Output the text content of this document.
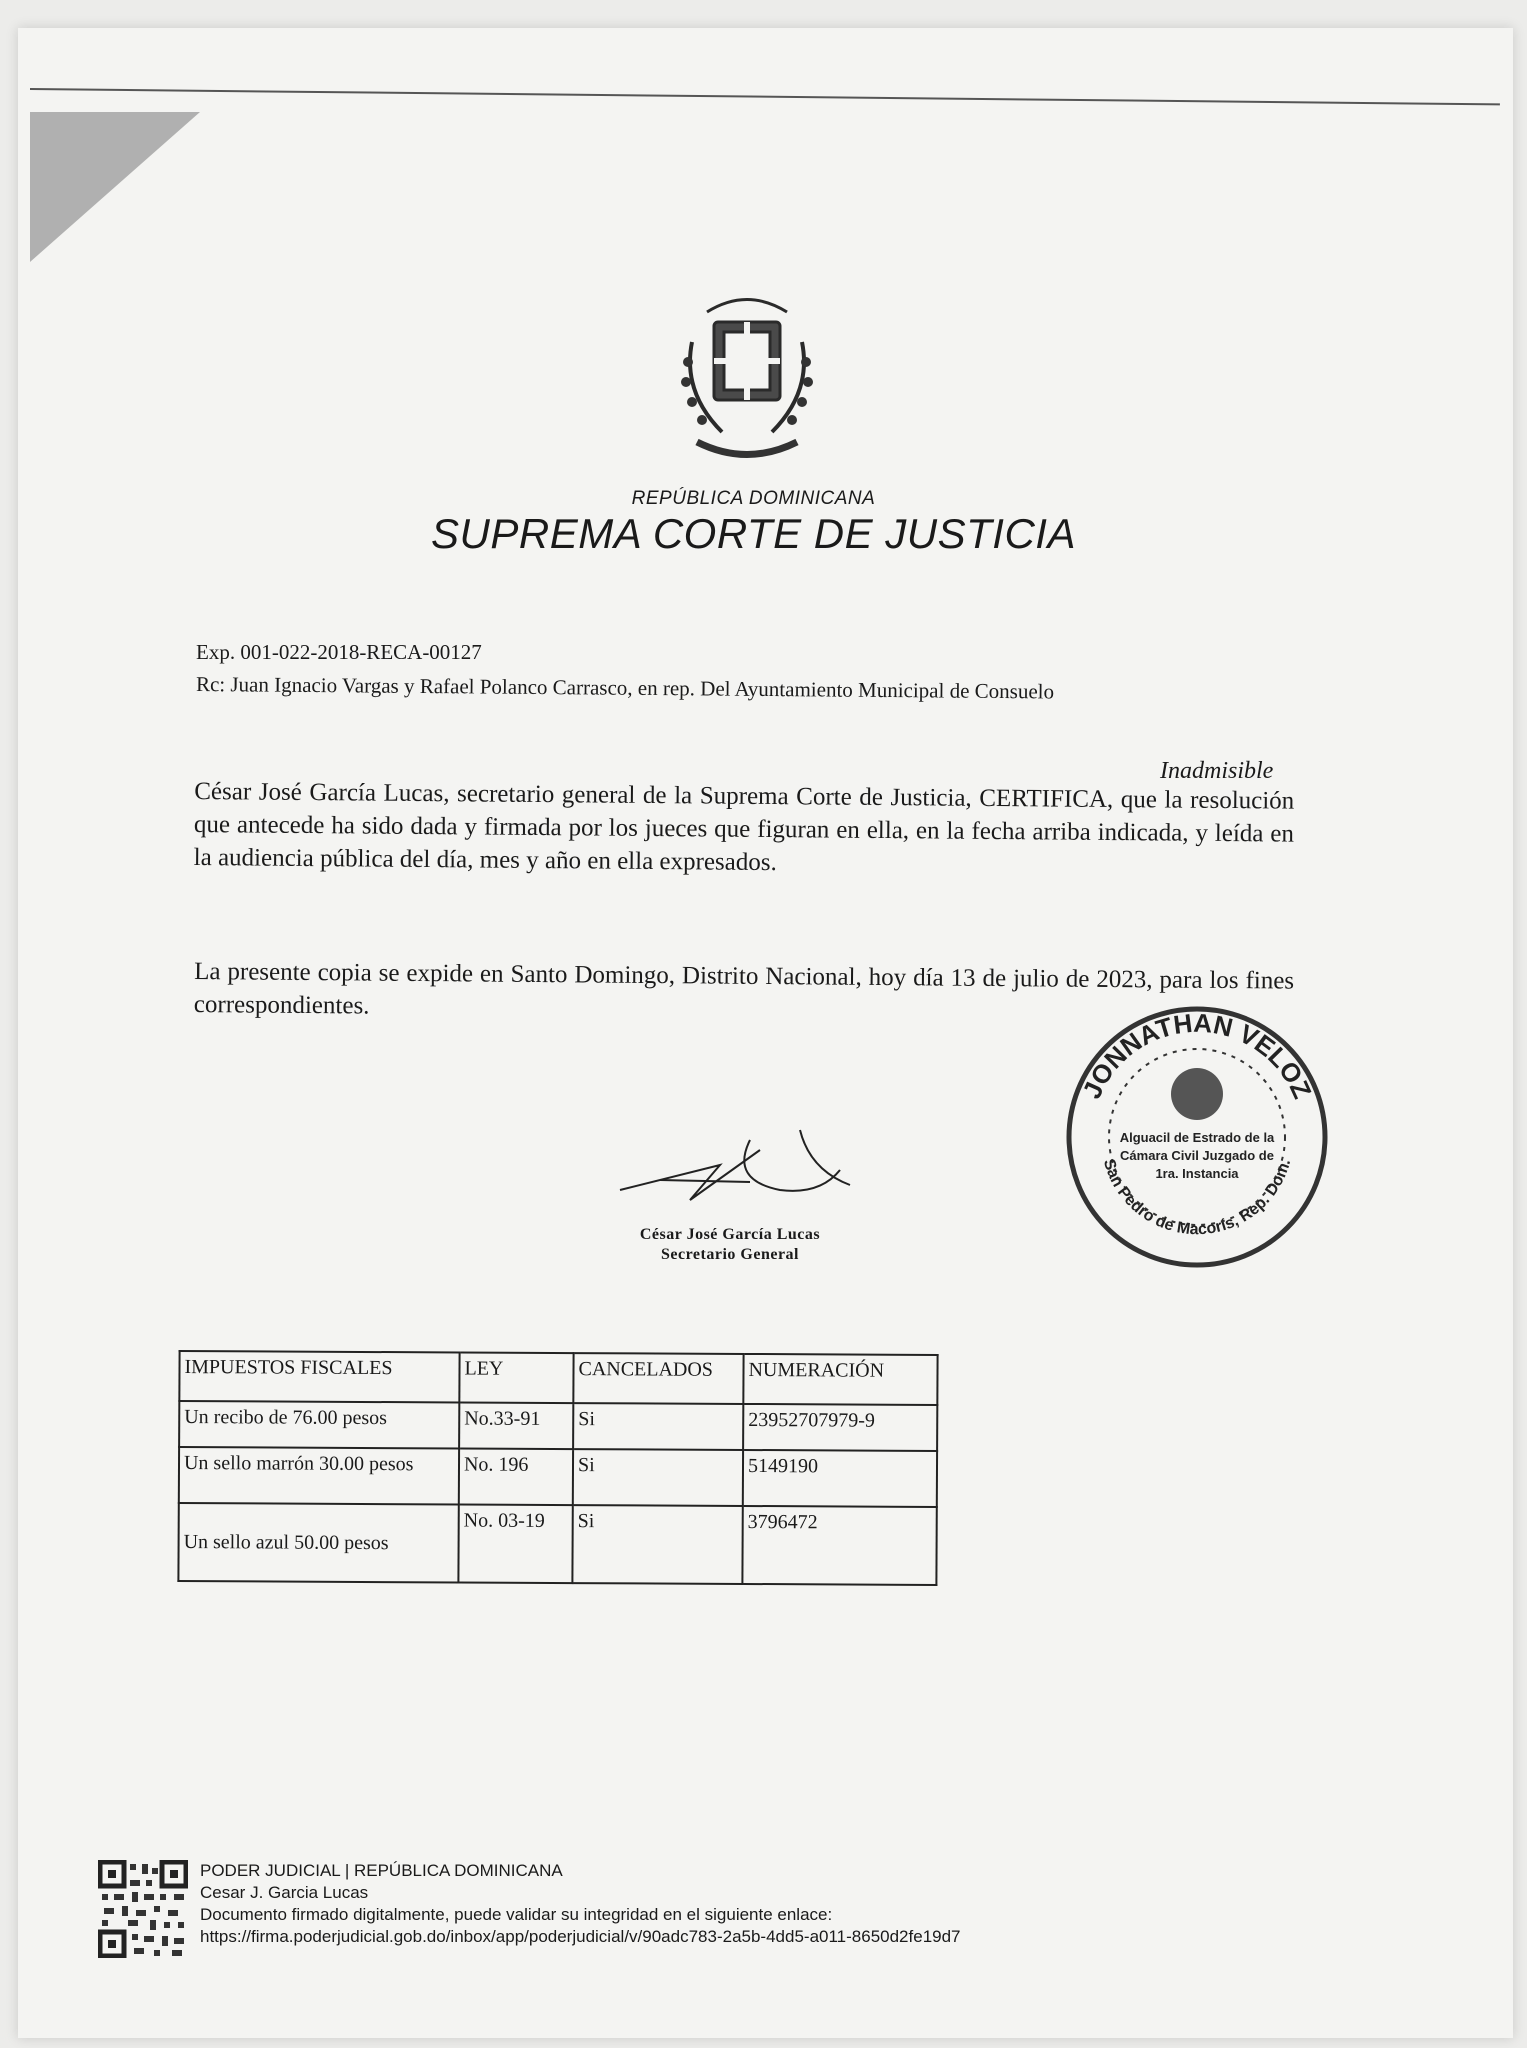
REPÚBLICA DOMINICANA
SUPREMA CORTE DE JUSTICIA
Exp. 001-022-2018-RECA-00127
Rc: Juan Ignacio Vargas y Rafael Polanco Carrasco, en rep. Del Ayuntamiento Municipal de Consuelo
Inadmisible
César José García Lucas, secretario general de la Suprema Corte de Justicia, CERTIFICA, que la resolución que antecede ha sido dada y firmada por los jueces que figuran en ella, en la fecha arriba indicada, y leída en la audiencia pública del día, mes y año en ella expresados.
La presente copia se expide en Santo Domingo, Distrito Nacional, hoy día 13 de julio de 2023, para los fines correspondientes.
César José García Lucas
Secretario General
JONNATHAN VELOZ
San Pedro de Macorís, Rep. Dom.
Alguacil de Estrado de la
Cámara Civil Juzgado de
1ra. Instancia
IMPUESTOS FISCALES	LEY	CANCELADOS	NUMERACIÓN
Un recibo de 76.00 pesos	No.33-91	Si	23952707979-9
Un sello marrón 30.00 pesos	No. 196	Si	5149190
Un sello azul 50.00 pesos	No. 03-19	Si	3796472
PODER JUDICIAL | REPÚBLICA DOMINICANA
Cesar J. Garcia Lucas
Documento firmado digitalmente, puede validar su integridad en el siguiente enlace:
https://firma.poderjudicial.gob.do/inbox/app/poderjudicial/v/90adc783-2a5b-4dd5-a011-8650d2fe19d7
